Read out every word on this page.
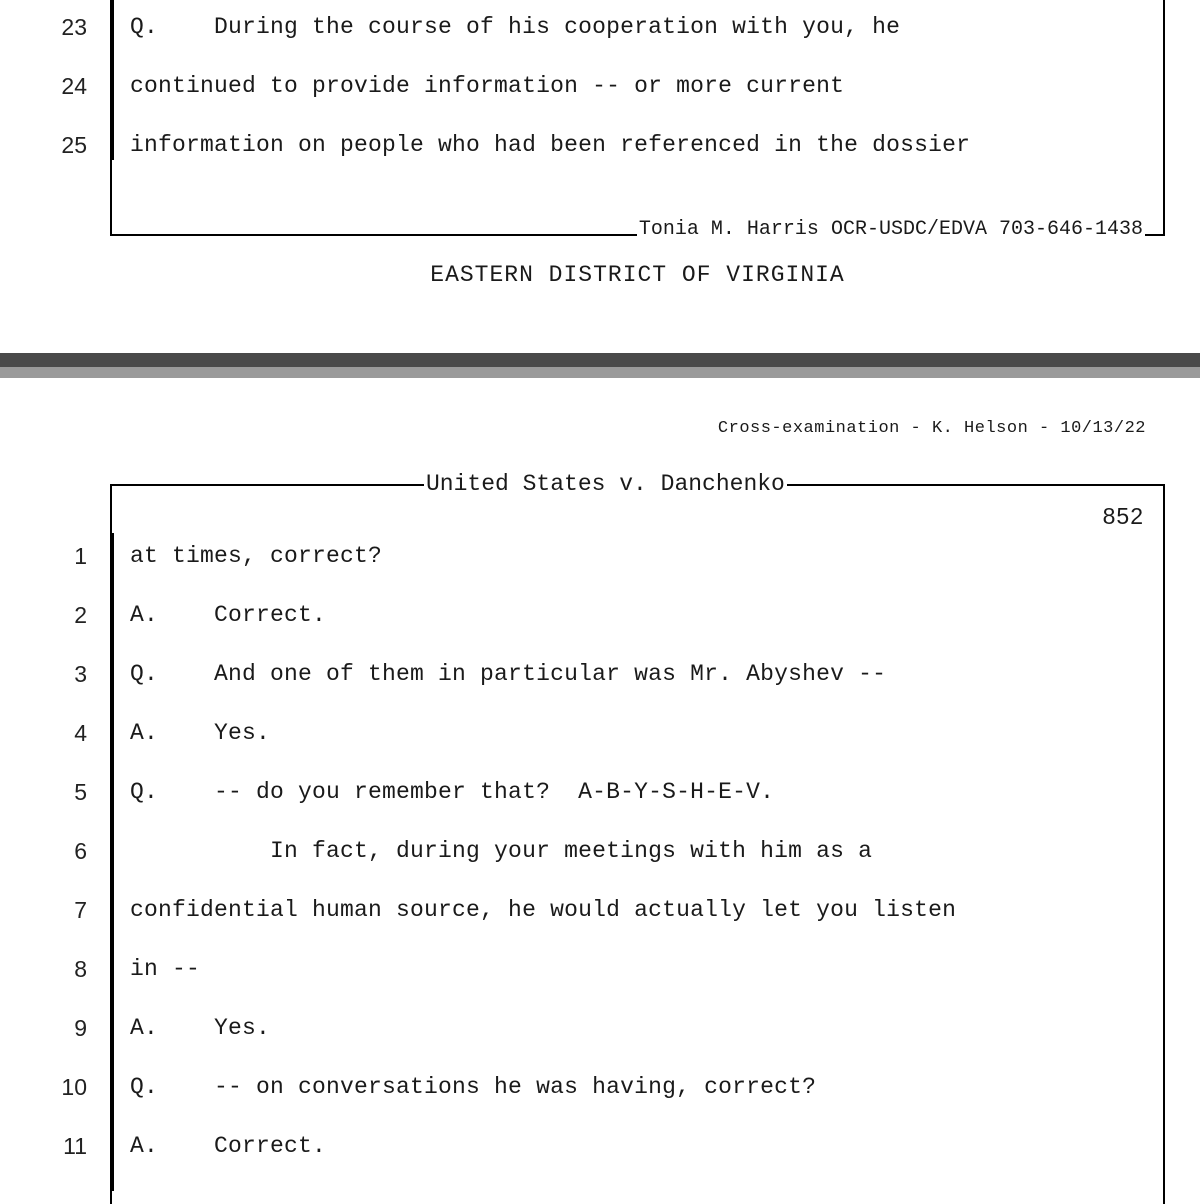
23 Q.    During the course of his cooperation with you, he
24 continued to provide information -- or more current
25 information on people who had been referenced in the dossier
Tonia M. Harris OCR-USDC/EDVA 703-646-1438
EASTERN DISTRICT OF VIRGINIA
Cross-examination - K. Helson - 10/13/22
United States v. Danchenko
852
1 at times, correct?
2 A.    Correct.
3 Q.    And one of them in particular was Mr. Abyshev --
4 A.    Yes.
5 Q.    -- do you remember that?  A-B-Y-S-H-E-V.
6 In fact, during your meetings with him as a
7 confidential human source, he would actually let you listen
8 in --
9 A.    Yes.
10 Q.    -- on conversations he was having, correct?
11 A.    Correct.
